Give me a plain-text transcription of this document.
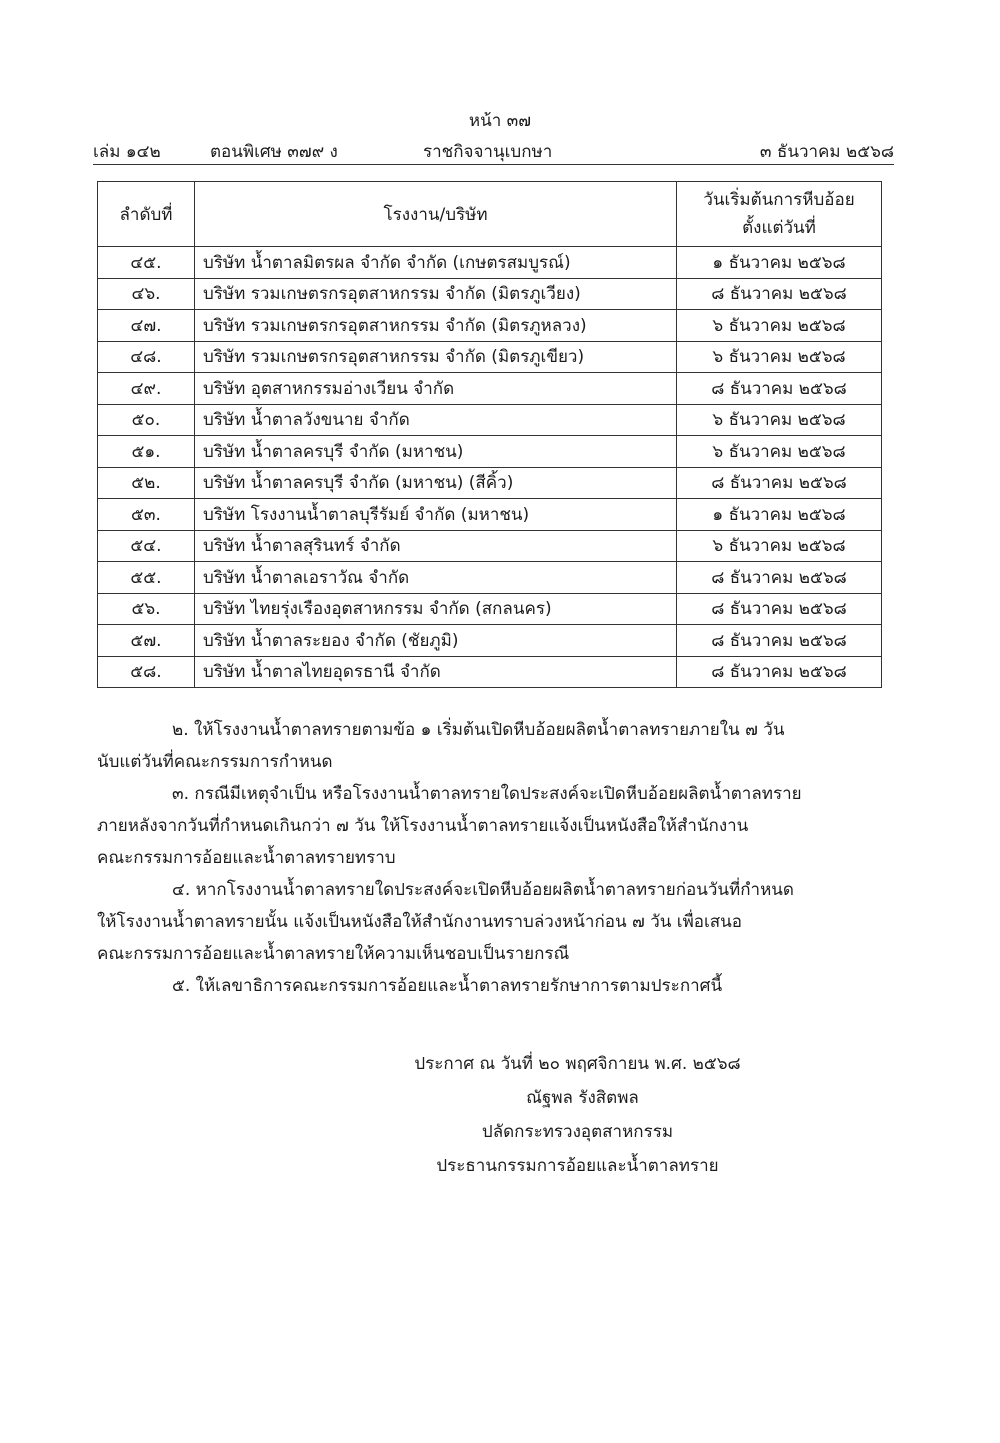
หน้า ๓๗
เล่ม ๑๔๒	ตอนพิเศษ ๓๗๙ ง	ราชกิจจานุเบกษา	๓ ธันวาคม ๒๕๖๘
ลำดับที่	โรงงาน/บริษัท	วันเริ่มต้นการหีบอ้อย
ตั้งแต่วันที่

๔๕.	บริษัท น้ำตาลมิตรผล จำกัด จำกัด (เกษตรสมบูรณ์)	๑ ธันวาคม ๒๕๖๘
๔๖.	บริษัท รวมเกษตรกรอุตสาหกรรม จำกัด (มิตรภูเวียง)	๘ ธันวาคม ๒๕๖๘
๔๗.	บริษัท รวมเกษตรกรอุตสาหกรรม จำกัด (มิตรภูหลวง)	๖ ธันวาคม ๒๕๖๘
๔๘.	บริษัท รวมเกษตรกรอุตสาหกรรม จำกัด (มิตรภูเขียว)	๖ ธันวาคม ๒๕๖๘
๔๙.	บริษัท อุตสาหกรรมอ่างเวียน จำกัด	๘ ธันวาคม ๒๕๖๘
๕๐.	บริษัท น้ำตาลวังขนาย จำกัด	๖ ธันวาคม ๒๕๖๘
๕๑.	บริษัท น้ำตาลครบุรี จำกัด (มหาชน)	๖ ธันวาคม ๒๕๖๘
๕๒.	บริษัท น้ำตาลครบุรี จำกัด (มหาชน) (สีคิ้ว)	๘ ธันวาคม ๒๕๖๘
๕๓.	บริษัท โรงงานน้ำตาลบุรีรัมย์ จำกัด (มหาชน)	๑ ธันวาคม ๒๕๖๘
๕๔.	บริษัท น้ำตาลสุรินทร์ จำกัด	๖ ธันวาคม ๒๕๖๘
๕๕.	บริษัท น้ำตาลเอราวัณ จำกัด	๘ ธันวาคม ๒๕๖๘
๕๖.	บริษัท ไทยรุ่งเรืองอุตสาหกรรม จำกัด (สกลนคร)	๘ ธันวาคม ๒๕๖๘
๕๗.	บริษัท น้ำตาลระยอง จำกัด (ชัยภูมิ)	๘ ธันวาคม ๒๕๖๘
๕๘.	บริษัท น้ำตาลไทยอุดรธานี จำกัด	๘ ธันวาคม ๒๕๖๘

๒. ให้โรงงานน้ำตาลทรายตามข้อ ๑ เริ่มต้นเปิดหีบอ้อยผลิตน้ำตาลทรายภายใน ๗ วัน

นับแต่วันที่คณะกรรมการกำหนด

๓. กรณีมีเหตุจำเป็น หรือโรงงานน้ำตาลทรายใดประสงค์จะเปิดหีบอ้อยผลิตน้ำตาลทราย

ภายหลังจากวันที่กำหนดเกินกว่า ๗ วัน ให้โรงงานน้ำตาลทรายแจ้งเป็นหนังสือให้สำนักงาน

คณะกรรมการอ้อยและน้ำตาลทรายทราบ

๔. หากโรงงานน้ำตาลทรายใดประสงค์จะเปิดหีบอ้อยผลิตน้ำตาลทรายก่อนวันที่กำหนด

ให้โรงงานน้ำตาลทรายนั้น แจ้งเป็นหนังสือให้สำนักงานทราบล่วงหน้าก่อน ๗ วัน เพื่อเสนอ

คณะกรรมการอ้อยและน้ำตาลทรายให้ความเห็นชอบเป็นรายกรณี

๕. ให้เลขาธิการคณะกรรมการอ้อยและน้ำตาลทรายรักษาการตามประกาศนี้

ประกาศ ณ วันที่ ๒๐ พฤศจิกายน พ.ศ. ๒๕๖๘
ณัฐพล รังสิตพล
ปลัดกระทรวงอุตสาหกรรม
ประธานกรรมการอ้อยและน้ำตาลทราย
